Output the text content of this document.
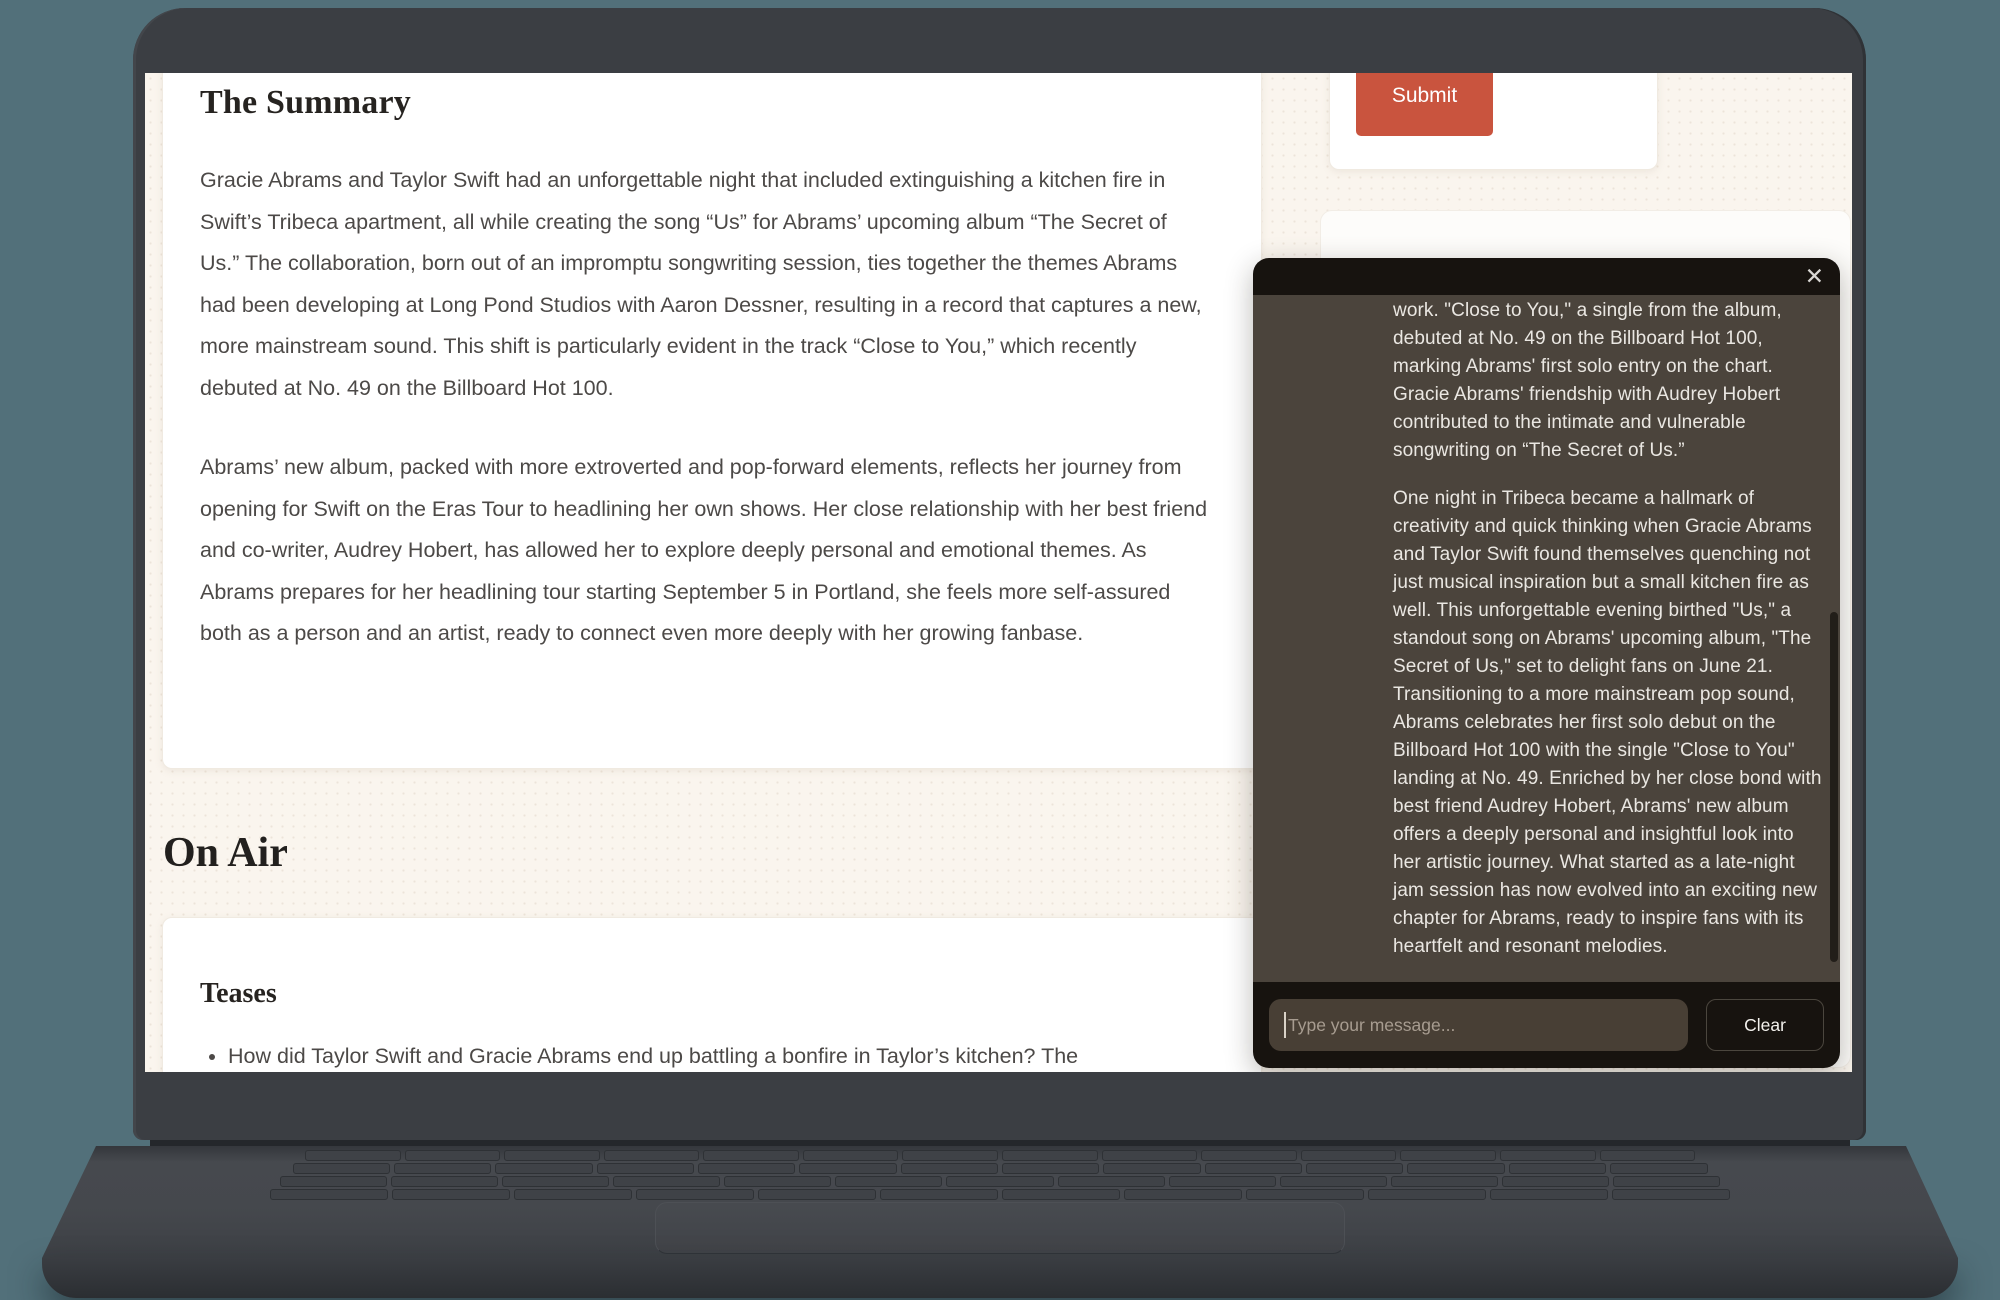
The Summary

Gracie Abrams and Taylor Swift had an unforgettable night that included extinguishing a kitchen fire in Swift’s Tribeca apartment, all while creating the song “Us” for Abrams’ upcoming album “The Secret of Us.” The collaboration, born out of an impromptu songwriting session, ties together the themes Abrams had been developing at Long Pond Studios with Aaron Dessner, resulting in a record that captures a new, more mainstream sound. This shift is particularly evident in the track “Close to You,” which recently debuted at No. 49 on the Billboard Hot 100.

Abrams’ new album, packed with more extroverted and pop-forward elements, reflects her journey from opening for Swift on the Eras Tour to headlining her own shows. Her close relationship with her best friend and co-writer, Audrey Hobert, has allowed her to explore deeply personal and emotional themes. As Abrams prepares for her headlining tour starting September 5 in Portland, she feels more self-assured both as a person and an artist, ready to connect even more deeply with her growing fanbase.

On Air
Teases
• How did Taylor Swift and Gracie Abrams end up battling a bonfire in Taylor’s kitchen? The
Submit
✕

work. "Close to You," a single from the album, debuted at No. 49 on the Billboard Hot 100, marking Abrams' first solo entry on the chart. Gracie Abrams' friendship with Audrey Hobert contributed to the intimate and vulnerable songwriting on “The Secret of Us.”

One night in Tribeca became a hallmark of creativity and quick thinking when Gracie Abrams and Taylor Swift found themselves quenching not just musical inspiration but a small kitchen fire as well. This unforgettable evening birthed "Us," a standout song on Abrams' upcoming album, "The Secret of Us," set to delight fans on June 21. Transitioning to a more mainstream pop sound, Abrams celebrates her first solo debut on the Billboard Hot 100 with the single "Close to You" landing at No. 49. Enriched by her close bond with best friend Audrey Hobert, Abrams' new album offers a deeply personal and insightful look into her artistic journey. What started as a late-night jam session has now evolved into an exciting new chapter for Abrams, ready to inspire fans with its heartfelt and resonant melodies.

Type your message...
Clear
